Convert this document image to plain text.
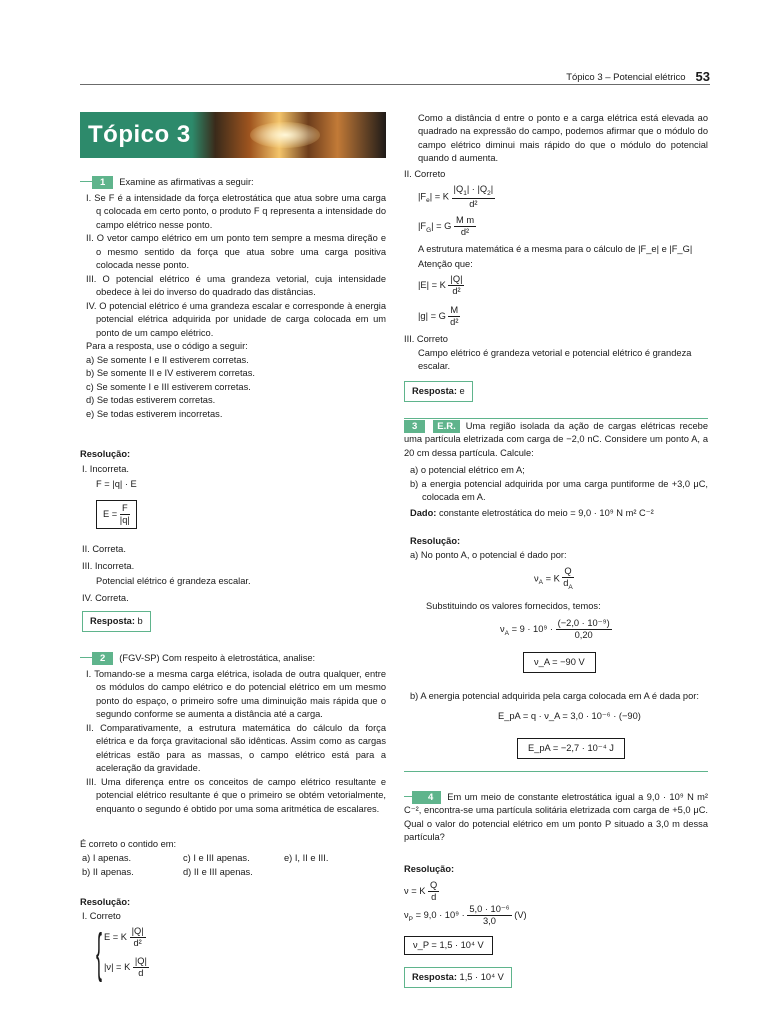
Tópico 3 – Potencial elétrico 53
Tópico 3
1 Examine as afirmativas a seguir:
I. Se F é a intensidade da força eletrostática que atua sobre uma carga q colocada em certo ponto, o produto F q representa a intensidade do campo elétrico nesse ponto.
II. O vetor campo elétrico em um ponto tem sempre a mesma direção e o mesmo sentido da força que atua sobre uma carga positiva colocada nesse ponto.
III. O potencial elétrico é uma grandeza vetorial, cuja intensidade obedece à lei do inverso do quadrado das distâncias.
IV. O potencial elétrico é uma grandeza escalar e corresponde à energia potencial elétrica adquirida por unidade de carga colocada em um ponto de um campo elétrico.
Para a resposta, use o código a seguir:
a) Se somente I e II estiverem corretas.
b) Se somente II e IV estiverem corretas.
c) Se somente I e III estiverem corretas.
d) Se todas estiverem corretas.
e) Se todas estiverem incorretas.
Resolução:
I. Incorreta.
F = |q| · E
$E = \frac{F}{|q|}$
II. Correta.
III. Incorreta.
Potencial elétrico é grandeza escalar.
IV. Correta.
Resposta: b
2 (FGV-SP) Com respeito à eletrostática, analise:
I. Tomando-se a mesma carga elétrica, isolada de outra qualquer, entre os módulos do campo elétrico e do potencial elétrico em um mesmo ponto do espaço, o primeiro sofre uma diminuição mais rápida que o segundo conforme se aumenta a distância até a carga.
II. Comparativamente, a estrutura matemática do cálculo da força elétrica e da força gravitacional são idênticas. Assim como as cargas elétricas estão para as massas, o campo elétrico está para a aceleração da gravidade.
III. Uma diferença entre os conceitos de campo elétrico resultante e potencial elétrico resultante é que o primeiro se obtém vetorialmente, enquanto o segundo é obtido por uma soma aritmética de escalares.
É correto o contido em:
a) I apenas.	c) I e III apenas.	e) I, II e III.
b) II apenas.	d) II e III apenas.
Resolução:
I. Correto
{ E = K $\frac{|Q|}{\text{d²}}$
|ν| = K $\frac{|Q|}{d}$
Como a distância d entre o ponto e a carga elétrica está elevada ao quadrado na expressão do campo, podemos afirmar que o módulo do campo elétrico diminui mais rápido do que o módulo do potencial quando d aumenta.
II. Correto
$|F_e| = K \frac{|Q_1| \cdot |Q_2|}{\text{d²}}$
$|F_G| = G \frac{\text{M m}}{\text{d²}}$
A estrutura matemática é a mesma para o cálculo de |F_e| e |F_G|
Atenção que:
|E| = K $\frac{|Q|}{\text{d²}}$
|g| = G $\frac{M}{\text{d²}}$
III. Correto
Campo elétrico é grandeza vetorial e potencial elétrico é grandeza escalar.
Resposta: e
3 E.R. Uma região isolada da ação de cargas elétricas recebe uma partícula eletrizada com carga de −2,0 nC. Considere um ponto A, a 20 cm dessa partícula. Calcule:
a) o potencial elétrico em A;
b) a energia potencial adquirida por uma carga puntiforme de +3,0 μC, colocada em A.
Dado: constante eletrostática do meio = 9,0 · 10⁹ N m² C⁻²
Resolução:
a) No ponto A, o potencial é dado por:
$\nu_A = K \frac{Q}{d_A}$
Substituindo os valores fornecidos, temos:
$\nu_A = 9 \cdot 10^9 \cdot \frac{\text{(−2,0 · 10⁻⁹)}}{0,20}$
ν_A = −90 V
b) A energia potencial adquirida pela carga colocada em A é dada por:
E_pA = q · ν_A = 3,0 · 10⁻⁶ · (−90)
E_pA = −2,7 · 10⁻⁴ J
4 Em um meio de constante eletrostática igual a 9,0 · 10⁹ N m² C⁻², encontra-se uma partícula solitária eletrizada com carga de +5,0 μC. Qual o valor do potencial elétrico em um ponto P situado a 3,0 m dessa partícula?
Resolução:
ν = K $\frac{Q}{d}$
$\nu_P = 9,0 \cdot 10^9 \cdot \frac{\text{5,0 · 10⁻⁶}}{3,0} (V)$
ν_P = 1,5 · 10⁴ V
Resposta: 1,5 · 10⁴ V
